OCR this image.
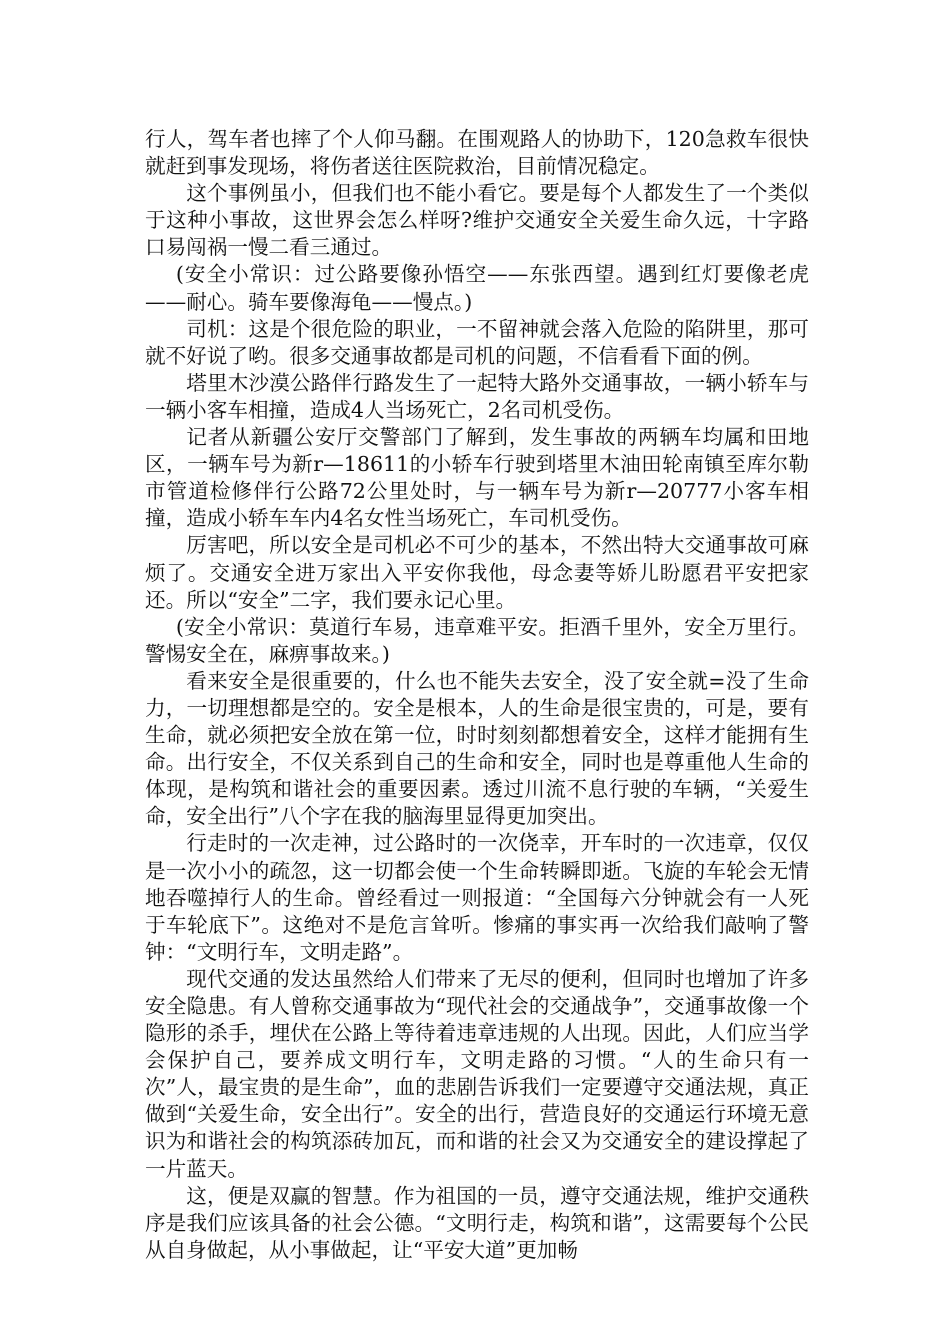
行人，驾车者也摔了个人仰马翻。在围观路人的协助下，120急救车很快就赶到事发现场，将伤者送往医院救治，目前情况稳定。

这个事例虽小，但我们也不能小看它。要是每个人都发生了一个类似于这种小事故，这世界会怎么样呀?维护交通安全关爱生命久远，十字路口易闯祸一慢二看三通过。

(安全小常识：过公路要像孙悟空——东张西望。遇到红灯要像老虎——耐心。骑车要像海龟——慢点。)

司机：这是个很危险的职业，一不留神就会落入危险的陷阱里，那可就不好说了哟。很多交通事故都是司机的问题，不信看看下面的例。

塔里木沙漠公路伴行路发生了一起特大路外交通事故，一辆小轿车与一辆小客车相撞，造成4人当场死亡，2名司机受伤。

记者从新疆公安厅交警部门了解到，发生事故的两辆车均属和田地区，一辆车号为新r—18611的小轿车行驶到塔里木油田轮南镇至库尔勒市管道检修伴行公路72公里处时，与一辆车号为新r—20777小客车相撞，造成小轿车车内4名女性当场死亡，车司机受伤。

厉害吧，所以安全是司机必不可少的基本，不然出特大交通事故可麻烦了。交通安全进万家出入平安你我他，母念妻等娇儿盼愿君平安把家还。所以“安全”二字，我们要永记心里。

(安全小常识：莫道行车易，违章难平安。拒酒千里外，安全万里行。警惕安全在，麻痹事故来。)

看来安全是很重要的，什么也不能失去安全，没了安全就=没了生命力，一切理想都是空的。安全是根本，人的生命是很宝贵的，可是，要有生命，就必须把安全放在第一位，时时刻刻都想着安全，这样才能拥有生命。出行安全，不仅关系到自己的生命和安全，同时也是尊重他人生命的体现，是构筑和谐社会的重要因素。透过川流不息行驶的车辆，“关爱生命，安全出行”八个字在我的脑海里显得更加突出。

行走时的一次走神，过公路时的一次侥幸，开车时的一次违章，仅仅是一次小小的疏忽，这一切都会使一个生命转瞬即逝。飞旋的车轮会无情地吞噬掉行人的生命。曾经看过一则报道：“全国每六分钟就会有一人死于车轮底下”。这绝对不是危言耸听。惨痛的事实再一次给我们敲响了警钟：“文明行车，文明走路”。

现代交通的发达虽然给人们带来了无尽的便利，但同时也增加了许多安全隐患。有人曾称交通事故为“现代社会的交通战争”，交通事故像一个隐形的杀手，埋伏在公路上等待着违章违规的人出现。因此，人们应当学会保护自己，要养成文明行车，文明走路的习惯。“人的生命只有一次”人，最宝贵的是生命”，血的悲剧告诉我们一定要遵守交通法规，真正做到“关爱生命，安全出行”。安全的出行，营造良好的交通运行环境无意识为和谐社会的构筑添砖加瓦，而和谐的社会又为交通安全的建设撑起了一片蓝天。

这，便是双赢的智慧。作为祖国的一员，遵守交通法规，维护交通秩序是我们应该具备的社会公德。“文明行走，构筑和谐”，这需要每个公民从自身做起，从小事做起，让“平安大道”更加畅
